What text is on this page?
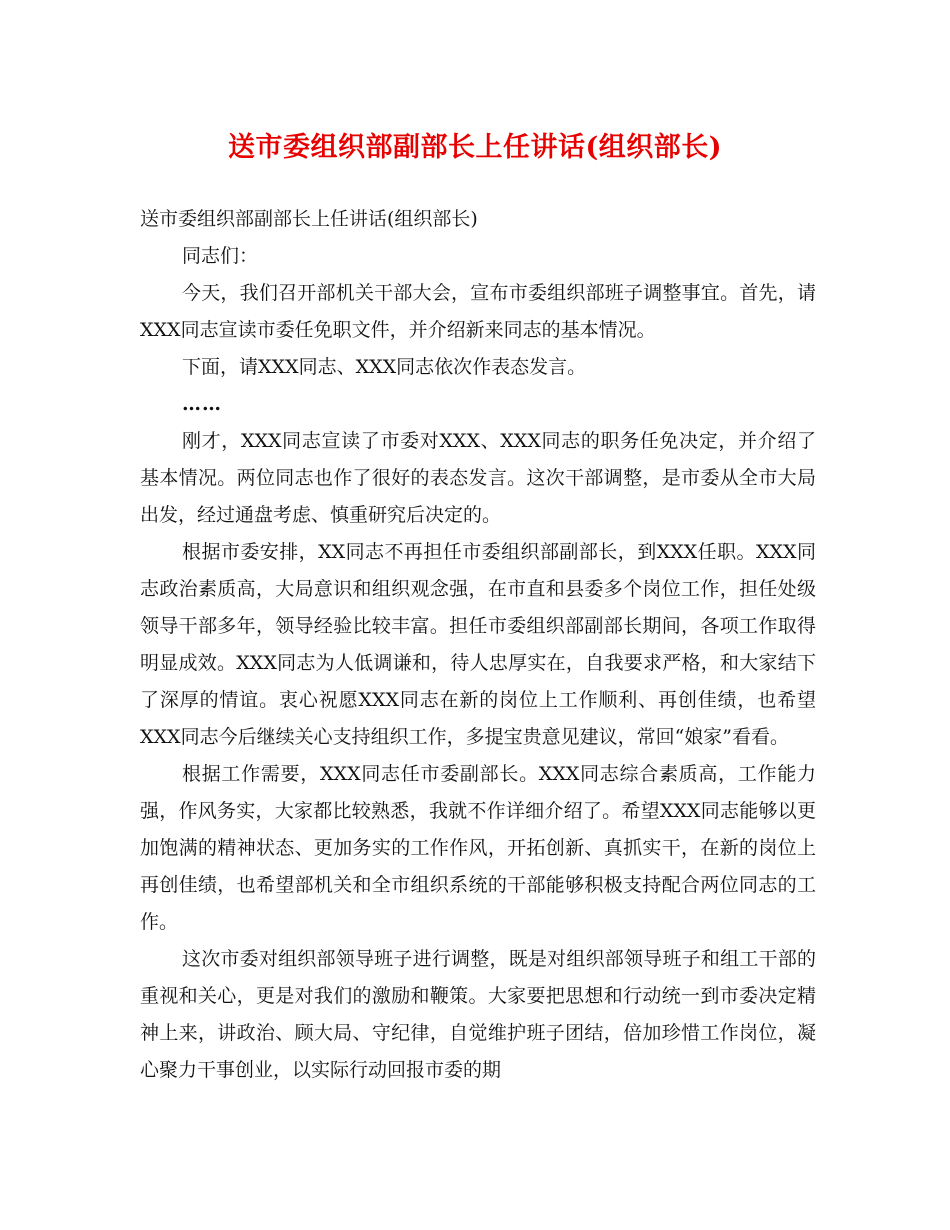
送市委组织部副部长上任讲话(组织部长)

送市委组织部副部长上任讲话(组织部长)

同志们：

今天，我们召开部机关干部大会，宣布市委组织部班子调整事宜。首先，请XXX同志宣读市委任免职文件，并介绍新来同志的基本情况。

下面，请XXX同志、XXX同志依次作表态发言。

……

刚才，XXX同志宣读了市委对XXX、XXX同志的职务任免决定，并介绍了基本情况。两位同志也作了很好的表态发言。这次干部调整，是市委从全市大局出发，经过通盘考虑、慎重研究后决定的。

根据市委安排，XX同志不再担任市委组织部副部长，到XXX任职。XXX同志政治素质高，大局意识和组织观念强，在市直和县委多个岗位工作，担任处级领导干部多年，领导经验比较丰富。担任市委组织部副部长期间，各项工作取得明显成效。XXX同志为人低调谦和，待人忠厚实在，自我要求严格，和大家结下了深厚的情谊。衷心祝愿XXX同志在新的岗位上工作顺利、再创佳绩，也希望XXX同志今后继续关心支持组织工作，多提宝贵意见建议，常回“娘家”看看。

根据工作需要，XXX同志任市委副部长。XXX同志综合素质高，工作能力强，作风务实，大家都比较熟悉，我就不作详细介绍了。希望XXX同志能够以更加饱满的精神状态、更加务实的工作作风，开拓创新、真抓实干，在新的岗位上再创佳绩，也希望部机关和全市组织系统的干部能够积极支持配合两位同志的工作。

这次市委对组织部领导班子进行调整，既是对组织部领导班子和组工干部的重视和关心，更是对我们的激励和鞭策。大家要把思想和行动统一到市委决定精神上来，讲政治、顾大局、守纪律，自觉维护班子团结，倍加珍惜工作岗位，凝心聚力干事创业，以实际行动回报市委的期
